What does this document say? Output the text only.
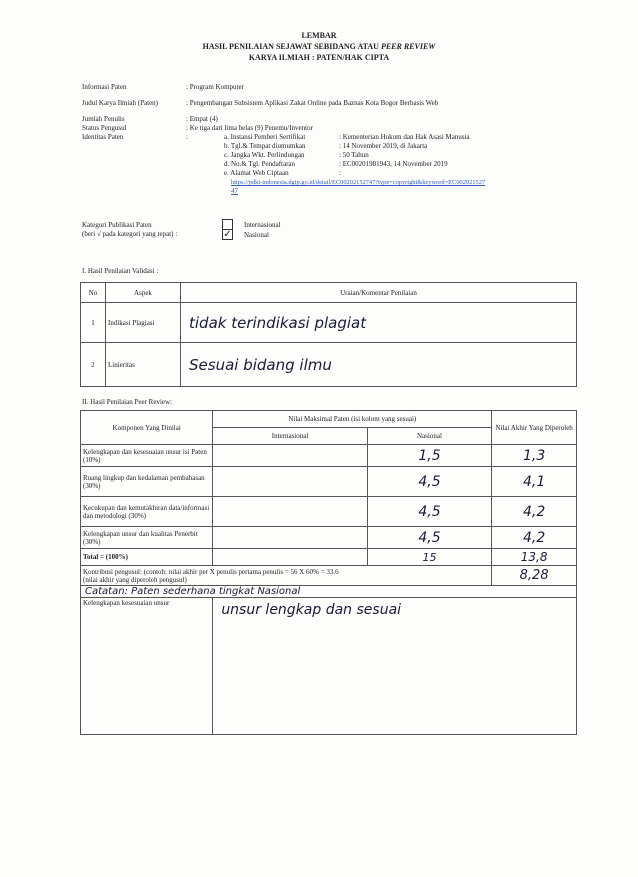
LEMBAR
HASIL PENILAIAN SEJAWAT SEBIDANG ATAU PEER REVIEW
KARYA ILMIAH : PATEN/HAK CIPTA
Informasi Paten	: Program Komputer
Judul Karya Ilmiah (Paten)	: Pengembangan Subsistem Aplikasi Zakat Online pada Baznas Kota Bogor Berbasis Web
Jumlah Penulis	: Empat (4)
Status Pengusul	: Ke tiga dari lima belas (9) Penemu/Inventor
Identitas Paten	:	a. Instansi Pemberi Sertifikat	: Kementerian Hukum dan Hak Asasi Manusia
b. Tgl.& Tempat diumumkan	: 14 November 2019, di Jakarta
c. Jangka Wkt. Perlindungan	: 50 Tahun
d. No.& Tgl. Pendaftaran	: EC00201981943, 14 November 2019
e. Alamat Web Ciptaan	:
https://pdki-indonesia.dgip.go.id/detail/EC00202152747?type=copyright&keyword=EC002021527
47
Kategori Publikasi Paten
(beri √ pada kategori yang tepat) :
Internasional
✓ Nasional
I. Hasil Penilaian Validasi :
No	Aspek	Uraian/Komentar Penilaian
1	Indikasi Plagiasi	tidak terindikasi plagiat
2	Linieritas	Sesuai bidang ilmu
II. Hasil Penilaian Peer Review:
Komponen Yang Dinilai	Nilai Maksimal Paten (isi kolom yang sesuai)		Nilai Akhir Yang Diperoleh
	Internasional	Nasional	
Kelengkapan dan kesesuaian unsur isi Paten (10%)		1,5	1,3
Ruang lingkup dan kedalaman pembahasan (30%)		4,5	4,1
Kecukupan dan kemutakhiran data/informasi dan metodologi (30%)		4,5	4,2
Kelengkapan unsur dan kualitas Penerbit (30%)		4,5	4,2
Total = (100%)		15	13,8

Kontribusi pengusul: (contoh: nilai akhir per X penulis pertama penulis = 56 X 60% = 33.6
(nilai akhir yang diperoleh pengusul)			8,28
Catatan: Paten sederhana tingkat Nasional			
Kelengkapan kesesuaian unsur	unsur lengkap dan sesuai		
